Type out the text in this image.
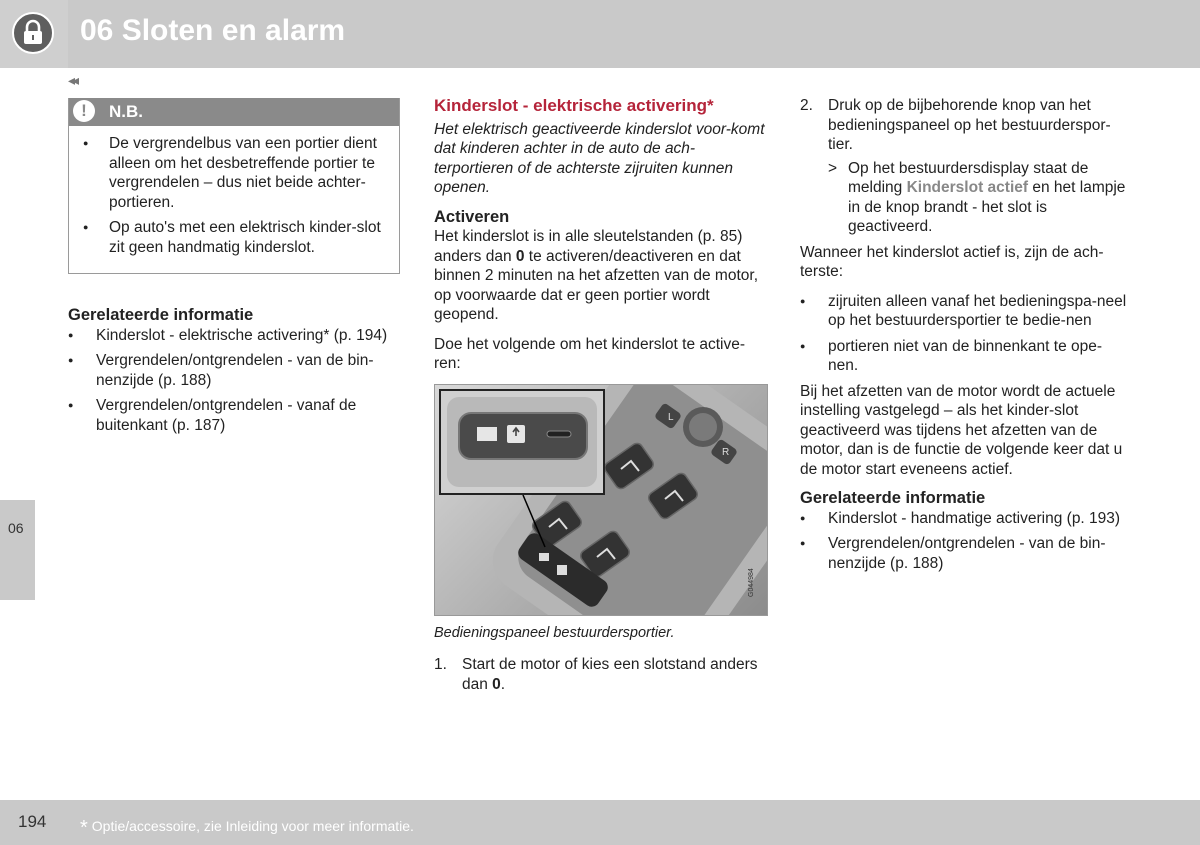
06 Sloten en alarm
◂◂
06
!	N.B.
● De vergrendelbus van een portier dient alleen om het desbetreffende portier te vergrendelen – dus niet beide achter-portieren.
● Op auto's met een elektrisch kinder-slot zit geen handmatig kinderslot.
Gerelateerde informatie
● Kinderslot - elektrische activering* (p. 194)
● Vergrendelen/ontgrendelen - van de bin-nenzijde (p. 188)
● Vergrendelen/ontgrendelen - vanaf de buitenkant (p. 187)
Kinderslot - elektrische activering*

Het elektrisch geactiveerde kinderslot voor-komt dat kinderen achter in de auto de ach-terportieren of de achterste zijruiten kunnen openen.

Activeren

Het kinderslot is in alle sleutelstanden (p. 85) anders dan 0 te activeren/deactiveren en dat binnen 2 minuten na het afzetten van de motor, op voorwaarde dat er geen portier wordt geopend.

Doe het volgende om het kinderslot te active-ren:

L
R
G044984
Bedieningspaneel bestuurdersportier.
1. Start de motor of kies een slotstand anders dan 0.
2. Druk op de bijbehorende knop van het bedieningspaneel op het bestuurderspor-tier.
> Op het bestuurdersdisplay staat de melding Kinderslot actief en het lampje in de knop brandt - het slot is geactiveerd.

Wanneer het kinderslot actief is, zijn de ach-terste:

● zijruiten alleen vanaf het bedieningspa-neel op het bestuurdersportier te bedie-nen
● portieren niet van de binnenkant te ope-nen.

Bij het afzetten van de motor wordt de actuele instelling vastgelegd – als het kinder-slot geactiveerd was tijdens het afzetten van de motor, dan is de functie de volgende keer dat u de motor start eveneens actief.

Gerelateerde informatie
● Kinderslot - handmatige activering (p. 193)
● Vergrendelen/ontgrendelen - van de bin-nenzijde (p. 188)
194 * Optie/accessoire, zie Inleiding voor meer informatie.
